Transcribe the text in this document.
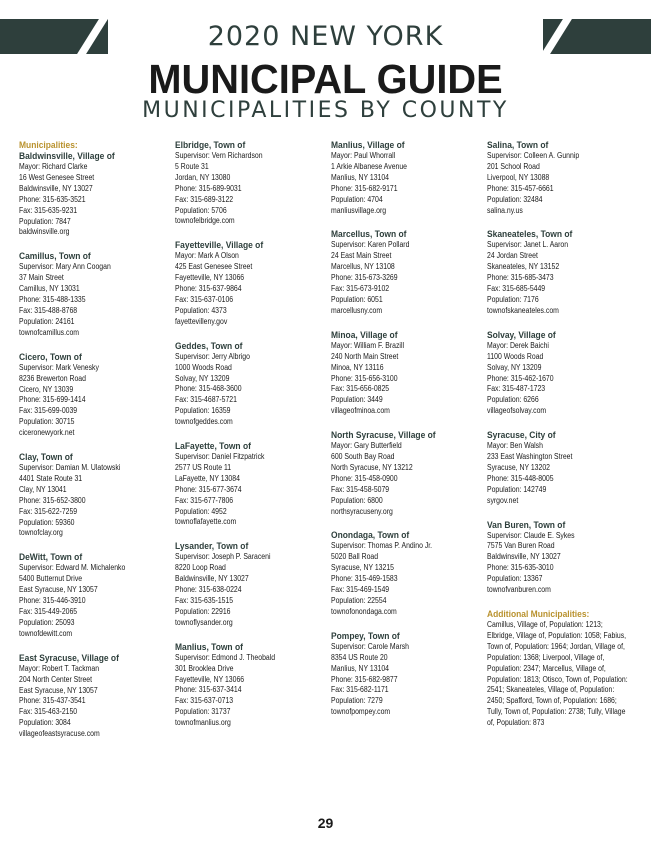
2020 NEW YORK
MUNICIPAL GUIDE
MUNICIPALITIES BY COUNTY
Municipalities:
Baldwinsville, Village of
Mayor: Richard Clarke
16 West Genesee Street
Baldwinsville, NY 13027
Phone: 315-635-3521
Fax: 315-635-9231
Population: 7847
baldwinsville.org
Camillus, Town of
Supervisor: Mary Ann Coogan
37 Main Street
Camillus, NY 13031
Phone: 315-488-1335
Fax: 315-488-8768
Population: 24161
townofcamillus.com
Cicero, Town of
Supervisor: Mark Venesky
8236 Brewerton Road
Cicero, NY 13039
Phone: 315-699-1414
Fax: 315-699-0039
Population: 30715
ciceronewyork.net
Clay, Town of
Supervisor: Damian M. Ulatowski
4401 State Route 31
Clay, NY 13041
Phone: 315-652-3800
Fax: 315-622-7259
Population: 59360
townofclay.org
DeWitt, Town of
Supervisor: Edward M. Michalenko
5400 Butternut Drive
East Syracuse, NY 13057
Phone: 315-446-3910
Fax: 315-449-2065
Population: 25093
townofdewitt.com
East Syracuse, Village of
Mayor: Robert T. Tackman
204 North Center Street
East Syracuse, NY 13057
Phone: 315-437-3541
Fax: 315-463-2150
Population: 3084
villageofeastsyracuse.com
Elbridge, Town of
Supervisor: Vern Richardson
5 Route 31
Jordan, NY 13080
Phone: 315-689-9031
Fax: 315-689-3122
Population: 5706
townofelbridge.com
Fayetteville, Village of
Mayor: Mark A Olson
425 East Genesee Street
Fayetteville, NY 13066
Phone: 315-637-9864
Fax: 315-637-0106
Population: 4373
fayettevilleny.gov
Geddes, Town of
Supervisor: Jerry Albrigo
1000 Woods Road
Solvay, NY 13209
Phone: 315-468-3600
Fax: 315-4687-5721
Population: 16359
townofgeddes.com
LaFayette, Town of
Supervisor: Daniel Fitzpatrick
2577 US Route 11
LaFayette, NY 13084
Phone: 315-677-3674
Fax: 315-677-7806
Population: 4952
townoflafayette.com
Lysander, Town of
Supervisor: Joseph P. Saraceni
8220 Loop Road
Baldwinsville, NY 13027
Phone: 315-638-0224
Fax: 315-635-1515
Population: 22916
townoflysander.org
Manlius, Town of
Supervisor: Edmond J. Theobald
301 Brooklea Drive
Fayetteville, NY 13066
Phone: 315-637-3414
Fax: 315-637-0713
Population: 31737
townofmanlius.org
Manlius, Village of
Mayor: Paul Whorrall
1 Arkie Albanese Avenue
Manlius, NY 13104
Phone: 315-682-9171
Population: 4704
manliusvillage.org
Marcellus, Town of
Supervisor: Karen Pollard
24 East Main Street
Marcellus, NY 13108
Phone: 315-673-3269
Fax: 315-673-9102
Population: 6051
marcellusny.com
Minoa, Village of
Mayor: William F. Brazill
240 North Main Street
Minoa, NY 13116
Phone: 315-656-3100
Fax: 315-656-0825
Population: 3449
villageofminoa.com
North Syracuse, Village of
Mayor: Gary Butterfield
600 South Bay Road
North Syracuse, NY 13212
Phone: 315-458-0900
Fax: 315-458-5079
Population: 6800
northsyracuseny.org
Onondaga, Town of
Supervisor: Thomas P. Andino Jr.
5020 Ball Road
Syracuse, NY 13215
Phone: 315-469-1583
Fax: 315-469-1549
Population: 22554
townofonondaga.com
Pompey, Town of
Supervisor: Carole Marsh
8354 US Route 20
Manlius, NY 13104
Phone: 315-682-9877
Fax: 315-682-1171
Population: 7279
townofpompey.com
Salina, Town of
Supervisor: Colleen A. Gunnip
201 School Road
Liverpool, NY 13088
Phone: 315-457-6661
Population: 32484
salina.ny.us
Skaneateles, Town of
Supervisor: Janet L. Aaron
24 Jordan Street
Skaneateles, NY 13152
Phone: 315-685-3473
Fax: 315-685-5449
Population: 7176
townofskaneateles.com
Solvay, Village of
Mayor: Derek Baichi
1100 Woods Road
Solvay, NY 13209
Phone: 315-462-1670
Fax: 315-487-1723
Population: 6266
villageofsolvay.com
Syracuse, City of
Mayor: Ben Walsh
233 East Washington Street
Syracuse, NY 13202
Phone: 315-448-8005
Population: 142749
syrgov.net
Van Buren, Town of
Supervisor: Claude E. Sykes
7575 Van Buren Road
Baldwinsville, NY 13027
Phone: 315-635-3010
Population: 13367
townofvanburen.com
Additional Municipalities:
Camillus, Village of, Population: 1213; Elbridge, Village of, Population: 1058; Fabius, Town of, Population: 1964; Jordan, Village of, Population: 1368; Liverpool, Village of, Population: 2347; Marcellus, Village of, Population: 1813; Otisco, Town of, Population: 2541; Skaneateles, Village of, Population: 2450; Spafford, Town of, Population: 1686; Tully, Town of, Population: 2738; Tully, Village of, Population: 873
29
